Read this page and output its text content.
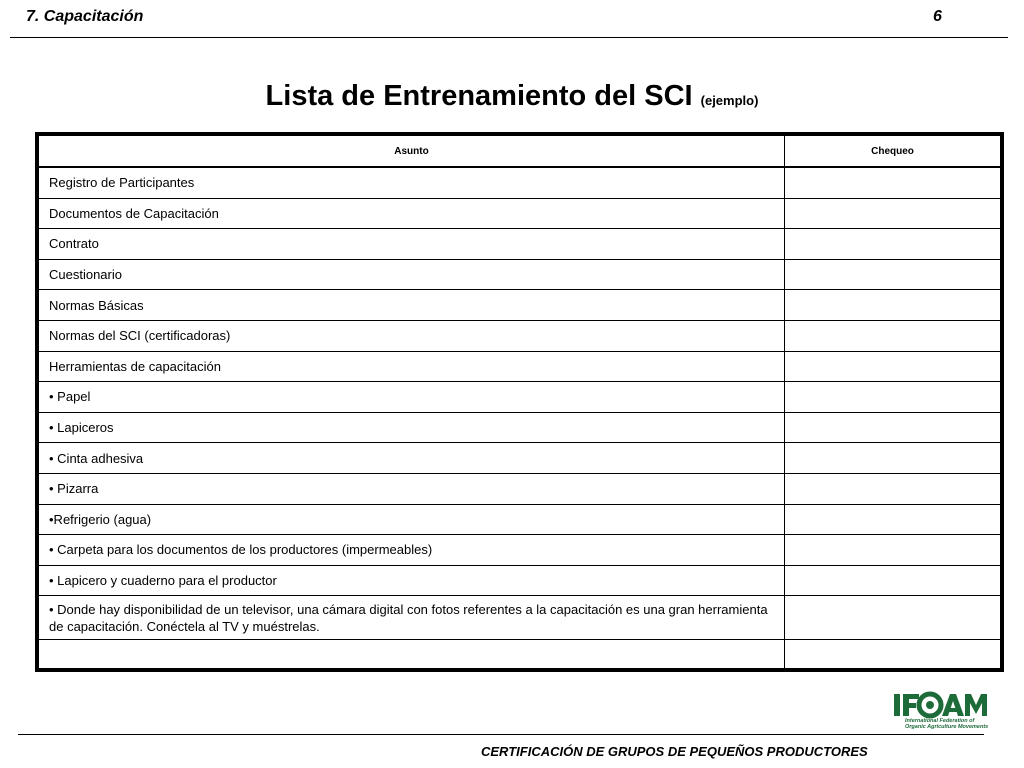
7. Capacitación	6
Lista de Entrenamiento del SCI (ejemplo)
Asunto	Chequeo
Registro de Participantes	
Documentos de Capacitación	
Contrato	
Cuestionario	
Normas Básicas	
Normas del SCI (certificadoras)	
Herramientas de capacitación	
• Papel	
• Lapiceros	
• Cinta adhesiva	
• Pizarra	
•Refrigerio (agua)	
• Carpeta para los documentos de los productores (impermeables)	
• Lapicero y cuaderno para el productor	
• Donde hay disponibilidad de un televisor, una cámara digital con fotos referentes a la capacitación es una gran herramienta de capacitación. Conéctela al TV y muéstrelas.	

International Federation of Organic Agriculture Movements
CERTIFICACIÓN DE GRUPOS DE PEQUEÑOS PRODUCTORES
